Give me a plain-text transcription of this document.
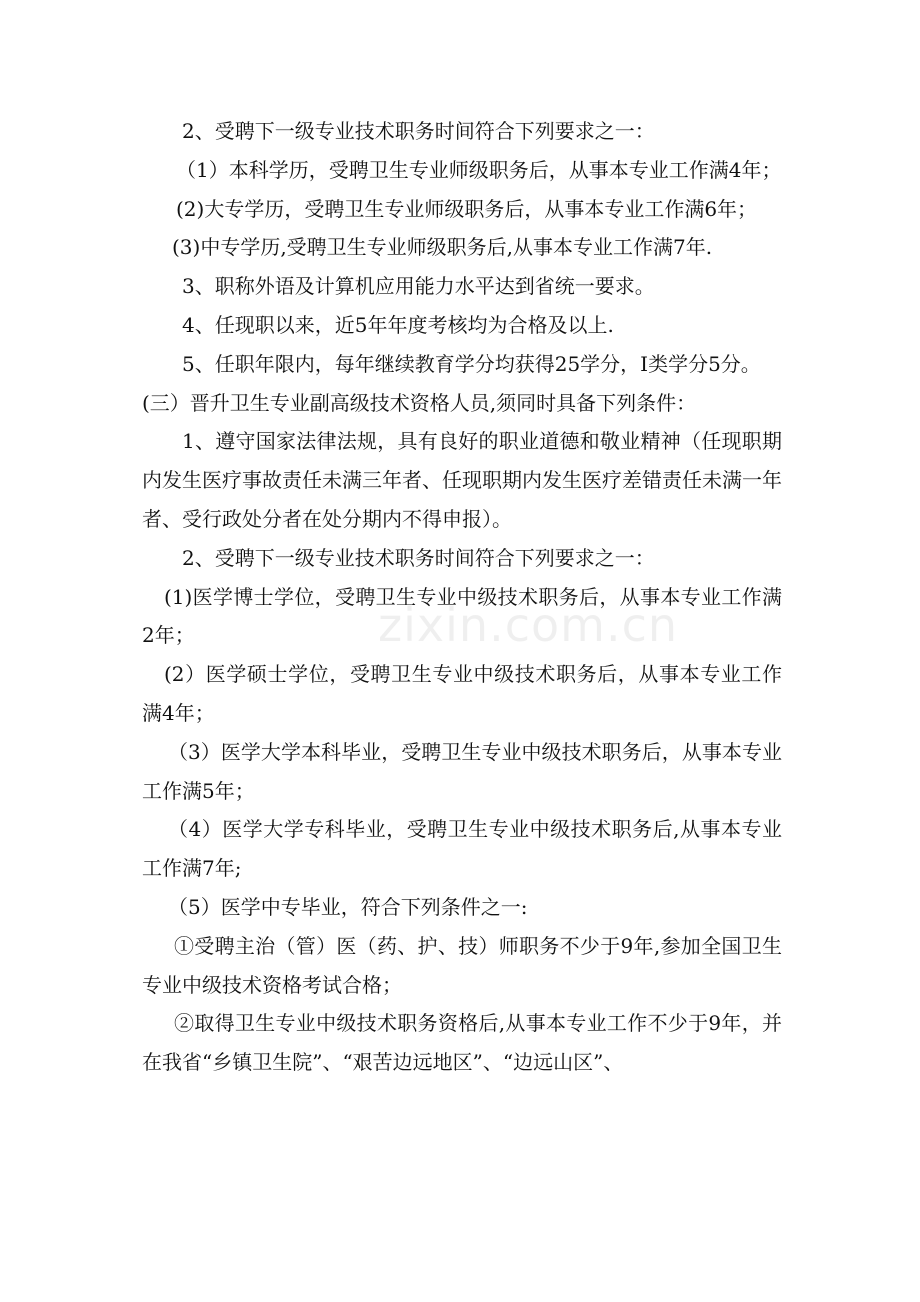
2、受聘下一级专业技术职务时间符合下列要求之一：

（1）本科学历，受聘卫生专业师级职务后，从事本专业工作满4年；

(2)大专学历，受聘卫生专业师级职务后，从事本专业工作满6年；

(3)中专学历,受聘卫生专业师级职务后,从事本专业工作满7年.

3、职称外语及计算机应用能力水平达到省统一要求。

4、任现职以来，近5年年度考核均为合格及以上.

5、任职年限内，每年继续教育学分均获得25学分，I类学分5分。

(三）晋升卫生专业副高级技术资格人员,须同时具备下列条件：

1、遵守国家法律法规，具有良好的职业道德和敬业精神（任现职期内发生医疗事故责任未满三年者、任现职期内发生医疗差错责任未满一年者、受行政处分者在处分期内不得申报）。

2、受聘下一级专业技术职务时间符合下列要求之一：

(1)医学博士学位，受聘卫生专业中级技术职务后，从事本专业工作满2年；

(2）医学硕士学位，受聘卫生专业中级技术职务后，从事本专业工作满4年；

（3）医学大学本科毕业，受聘卫生专业中级技术职务后，从事本专业工作满5年；

（4）医学大学专科毕业，受聘卫生专业中级技术职务后,从事本专业工作满7年;

（5）医学中专毕业，符合下列条件之一:

①受聘主治（管）医（药、护、技）师职务不少于9年,参加全国卫生专业中级技术资格考试合格；

②取得卫生专业中级技术职务资格后,从事本专业工作不少于9年，并在我省“乡镇卫生院”、“艰苦边远地区”、“边远山区”、

zixin.com.cn
